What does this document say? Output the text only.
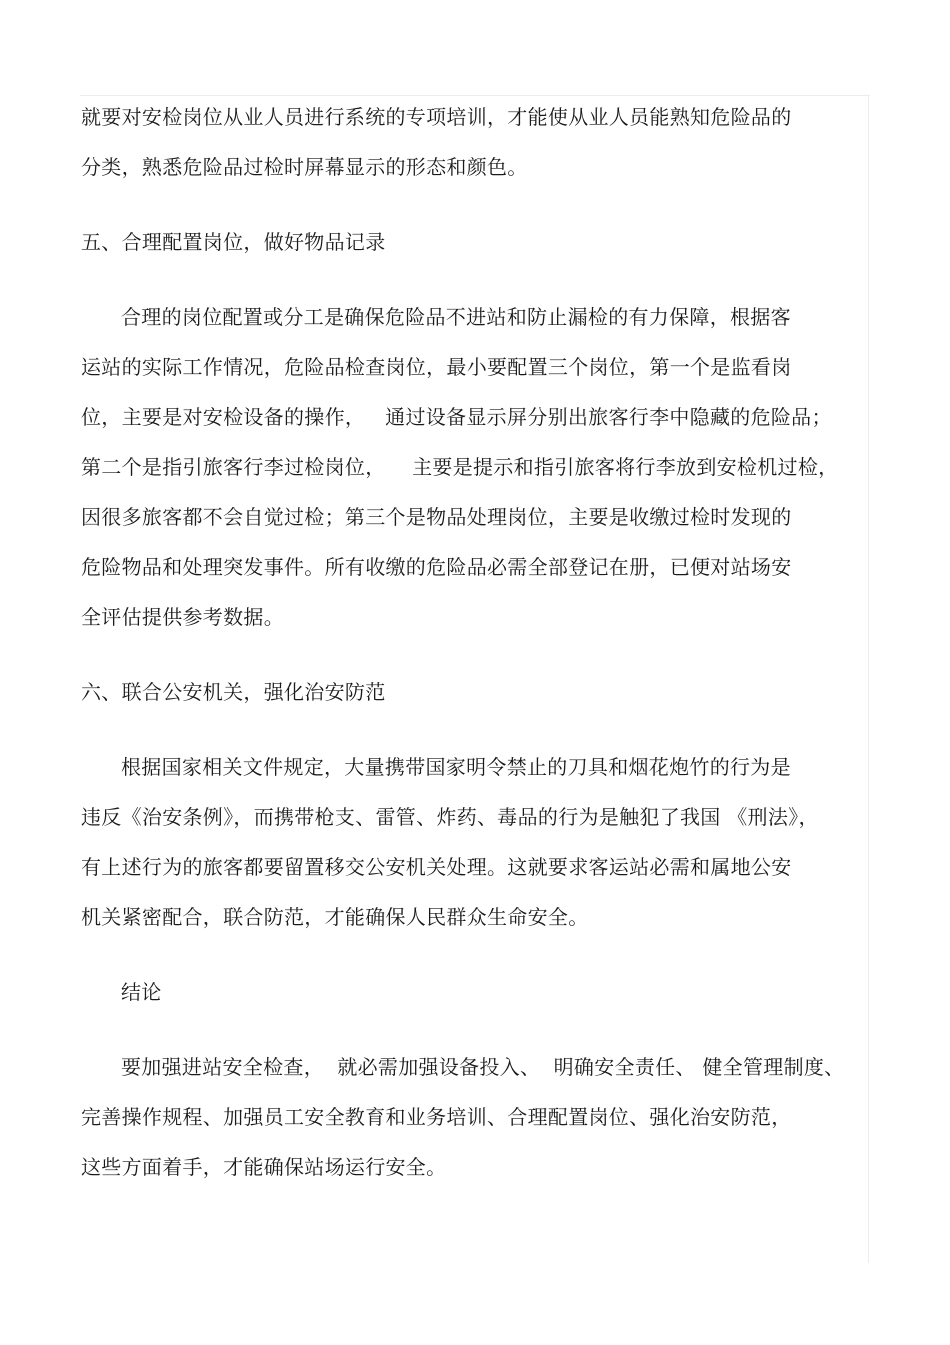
就要对安检岗位从业人员进行系统的专项培训，才能使从业人员能熟知危险品的
分类，熟悉危险品过检时屏幕显示的形态和颜色。
五、合理配置岗位，做好物品记录
合理的岗位配置或分工是确保危险品不进站和防止漏检的有力保障，根据客
运站的实际工作情况，危险品检查岗位，最小要配置三个岗位，第一个是监看岗
位，主要是对安检设备的操作，   通过设备显示屏分别出旅客行李中隐藏的危险品；
第二个是指引旅客行李过检岗位，    主要是提示和指引旅客将行李放到安检机过检，
因很多旅客都不会自觉过检；第三个是物品处理岗位，主要是收缴过检时发现的
危险物品和处理突发事件。所有收缴的危险品必需全部登记在册，已便对站场安
全评估提供参考数据。
六、联合公安机关，强化治安防范
根据国家相关文件规定，大量携带国家明令禁止的刀具和烟花炮竹的行为是
违反《治安条例》，而携带枪支、雷管、炸药、毒品的行为是触犯了我国 《刑法》，
有上述行为的旅客都要留置移交公安机关处理。这就要求客运站必需和属地公安
机关紧密配合，联合防范，才能确保人民群众生命安全。
结论
要加强进站安全检查，  就必需加强设备投入、  明确安全责任、 健全管理制度、
完善操作规程、加强员工安全教育和业务培训、合理配置岗位、强化治安防范，
这些方面着手，才能确保站场运行安全。
